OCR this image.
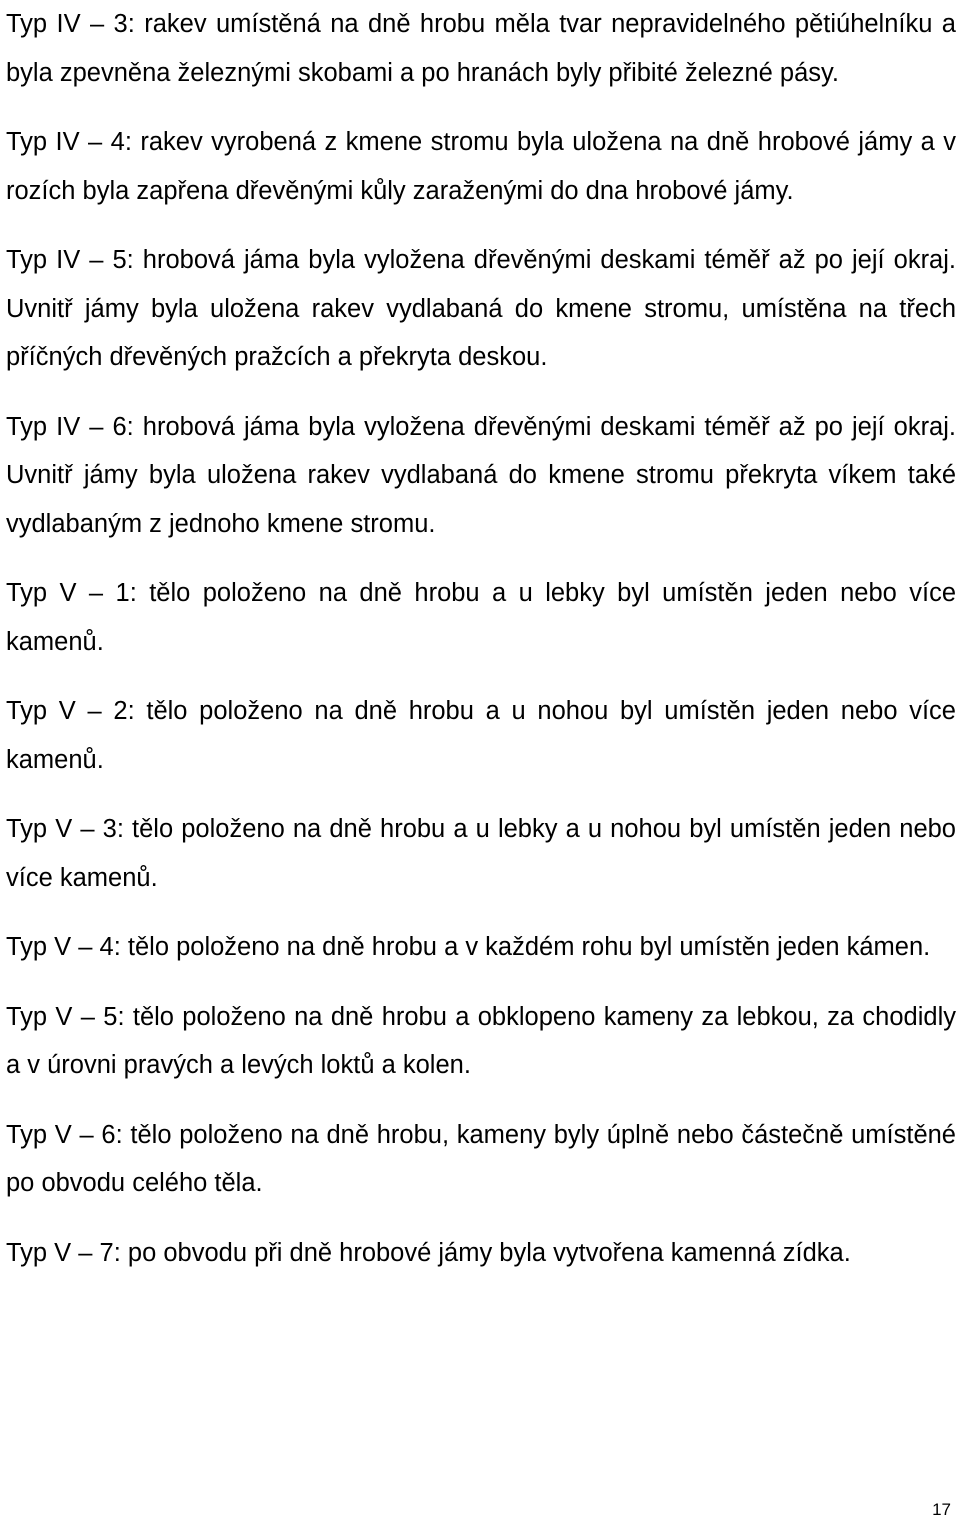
Typ IV – 3: rakev umístěná na dně hrobu měla tvar nepravidelného pětiúhelníku a byla zpevněna železnými skobami a po hranách byly přibité železné pásy.

Typ IV – 4: rakev vyrobená z kmene stromu byla uložena na dně hrobové jámy a v rozích byla zapřena dřevěnými kůly zaraženými do dna hrobové jámy.

Typ IV – 5: hrobová jáma byla vyložena dřevěnými deskami téměř až po její okraj. Uvnitř jámy byla uložena rakev vydlabaná do kmene stromu, umístěna na třech příčných dřevěných pražcích a překryta deskou.

Typ IV – 6: hrobová jáma byla vyložena dřevěnými deskami téměř až po její okraj. Uvnitř jámy byla uložena rakev vydlabaná do kmene stromu překryta víkem také vydlabaným z jednoho kmene stromu.

Typ V – 1: tělo položeno na dně hrobu a u lebky byl umístěn jeden nebo více kamenů.

Typ V – 2: tělo položeno na dně hrobu a u nohou byl umístěn jeden nebo více kamenů.

Typ V – 3: tělo položeno na dně hrobu a u lebky a u nohou byl umístěn jeden nebo více kamenů.

Typ V – 4: tělo položeno na dně hrobu a v každém rohu byl umístěn jeden kámen.

Typ V – 5: tělo položeno na dně hrobu a obklopeno kameny za lebkou, za chodidly a v úrovni pravých a levých loktů a kolen.

Typ V – 6: tělo položeno na dně hrobu, kameny byly úplně nebo částečně umístěné po obvodu celého těla.

Typ V – 7: po obvodu při dně hrobové jámy byla vytvořena kamenná zídka.

17
